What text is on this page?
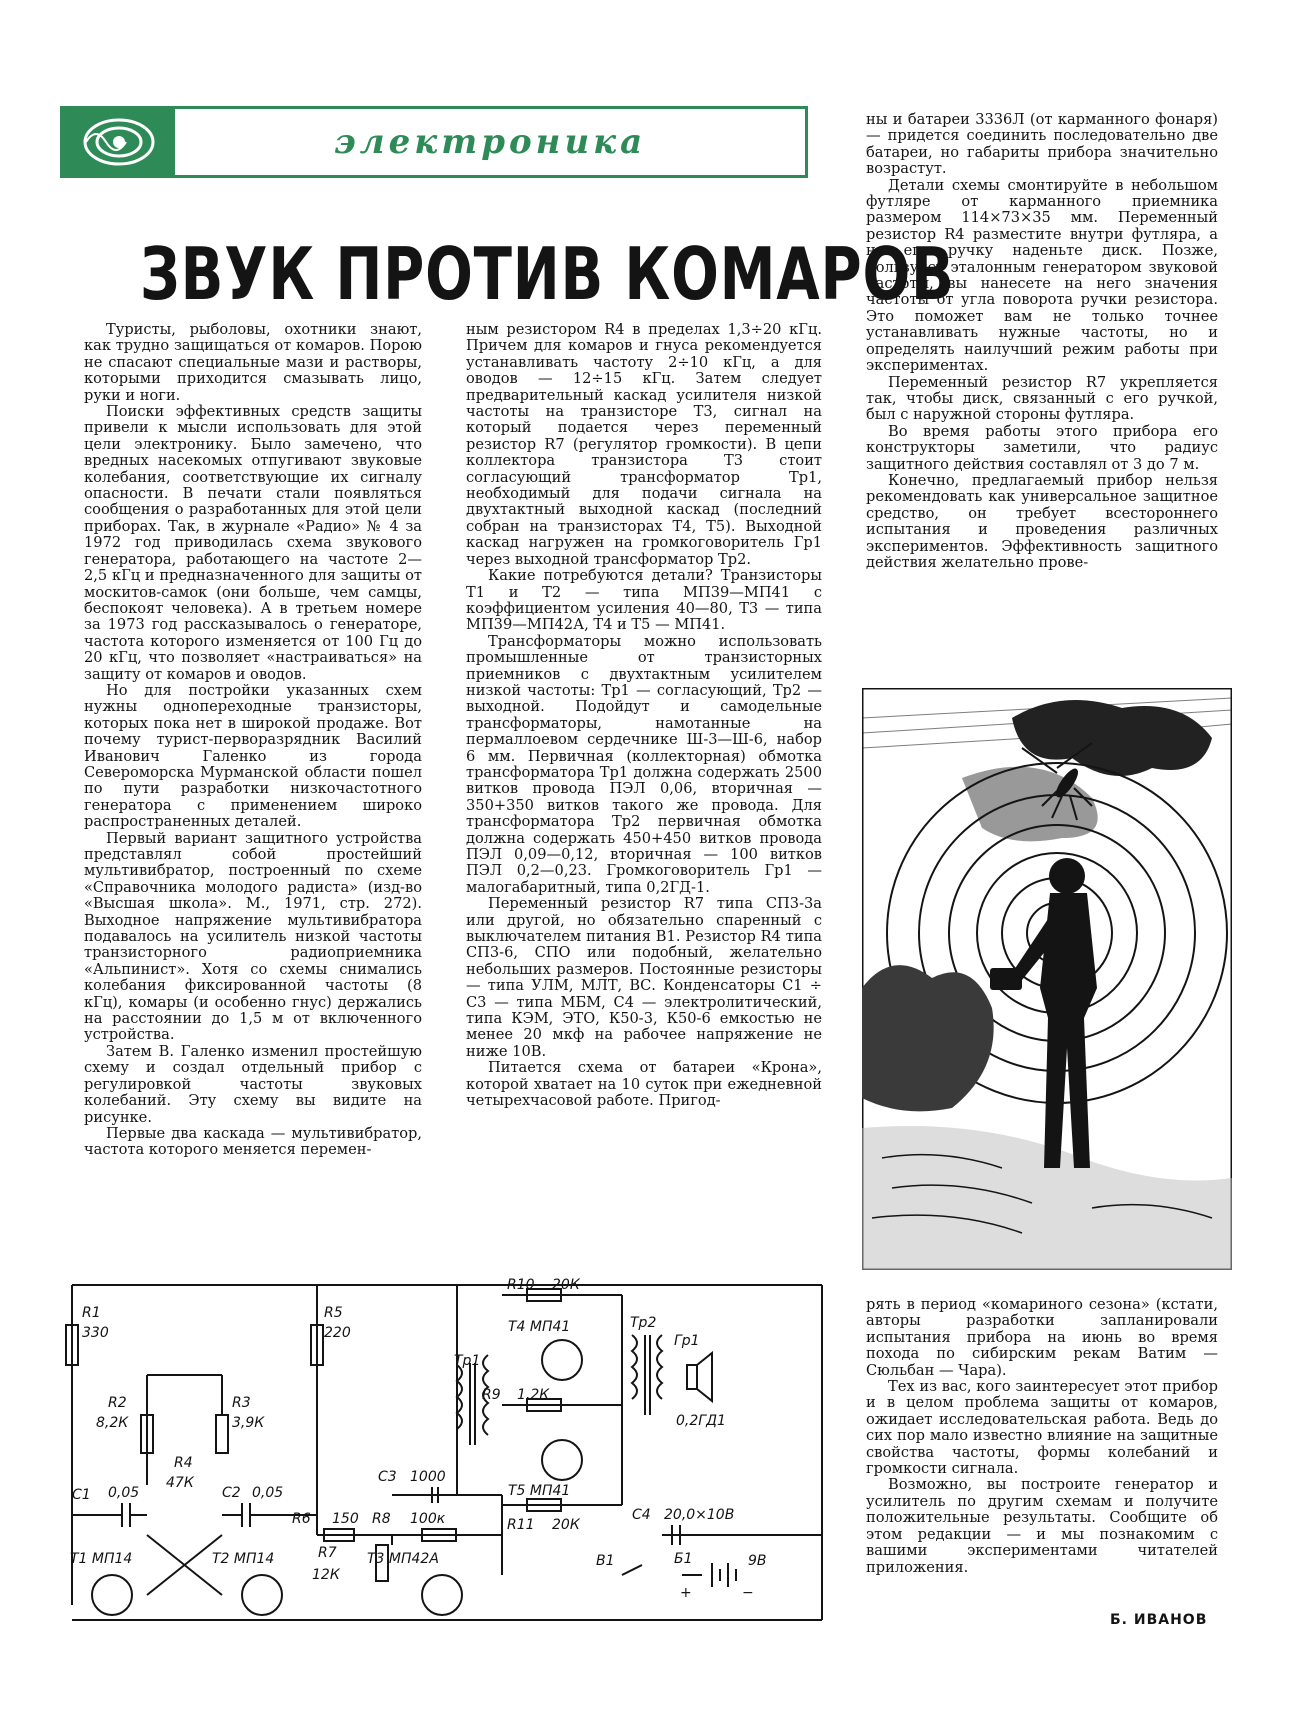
электроника
ЗВУК ПРОТИВ КОМАРОВ

Туристы, рыболовы, охотники знают, как трудно защищаться от комаров. Порою не спасают специальные мази и растворы, которыми приходится смазывать лицо, руки и ноги.

Поиски эффективных средств защиты привели к мысли использовать для этой цели электронику. Было замечено, что вредных насекомых отпугивают звуковые колебания, соответствующие их сигналу опасности. В печати стали появляться сообщения о разработанных для этой цели приборах. Так, в журнале «Радио» № 4 за 1972 год приводилась схема звукового генератора, работающего на частоте 2—2,5 кГц и предназначенного для защиты от москитов-самок (они больше, чем самцы, беспокоят человека). А в третьем номере за 1973 год рассказывалось о генераторе, частота которого изменяется от 100 Гц до 20 кГц, что позволяет «настраиваться» на защиту от комаров и оводов.

Но для постройки указанных схем нужны однопереходные транзисторы, которых пока нет в широкой продаже. Вот почему турист-перворазрядник Василий Иванович Галенко из города Североморска Мурманской области пошел по пути разработки низкочастотного генератора с применением широко распространенных деталей.

Первый вариант защитного устройства представлял собой простейший мультивибратор, построенный по схеме «Справочника молодого радиста» (изд-во «Высшая школа». М., 1971, стр. 272). Выходное напряжение мультивибратора подавалось на усилитель низкой частоты транзисторного радиоприемника «Альпинист». Хотя со схемы снимались колебания фиксированной частоты (8 кГц), комары (и особенно гнус) держались на расстоянии до 1,5 м от включенного устройства.

Затем В. Галенко изменил простейшую схему и создал отдельный прибор с регулировкой частоты звуковых колебаний. Эту схему вы видите на рисунке.

Первые два каскада — мультивибратор, частота которого меняется перемен-

ным резистором R4 в пределах 1,3÷20 кГц. Причем для комаров и гнуса рекомендуется устанавливать частоту 2÷10 кГц, а для оводов — 12÷15 кГц. Затем следует предварительный каскад усилителя низкой частоты на транзисторе Т3, сигнал на который подается через переменный резистор R7 (регулятор громкости). В цепи коллектора транзистора Т3 стоит согласующий трансформатор Тр1, необходимый для подачи сигнала на двухтактный выходной каскад (последний собран на транзисторах Т4, Т5). Выходной каскад нагружен на громкоговоритель Гр1 через выходной трансформатор Тр2.

Какие потребуются детали? Транзисторы Т1 и Т2 — типа МП39—МП41 с коэффициентом усиления 40—80, Т3 — типа МП39—МП42А, Т4 и Т5 — МП41.

Трансформаторы можно использовать промышленные от транзисторных приемников с двухтактным усилителем низкой частоты: Тр1 — согласующий, Тр2 — выходной. Подойдут и самодельные трансформаторы, намотанные на пермаллоевом сердечнике Ш-3—Ш-6, набор 6 мм. Первичная (коллекторная) обмотка трансформатора Тр1 должна содержать 2500 витков провода ПЭЛ 0,06, вторичная — 350+350 витков такого же провода. Для трансформатора Тр2 первичная обмотка должна содержать 450+450 витков провода ПЭЛ 0,09—0,12, вторичная — 100 витков ПЭЛ 0,2—0,23. Громкоговоритель Гр1 — малогабаритный, типа 0,2ГД-1.

Переменный резистор R7 типа СП3-3а или другой, но обязательно спаренный с выключателем питания В1. Резистор R4 типа СП3-6, СПО или подобный, желательно небольших размеров. Постоянные резисторы — типа УЛМ, МЛТ, ВС. Конденсаторы С1 ÷ С3 — типа МБМ, С4 — электролитический, типа КЭМ, ЭТО, К50-3, К50-6 емкостью не менее 20 мкф на рабочее напряжение не ниже 10В.

Питается схема от батареи «Крона», которой хватает на 10 суток при ежедневной четырехчасовой работе. Пригод-

ны и батареи 3336Л (от карманного фонаря) — придется соединить последовательно две батареи, но габариты прибора значительно возрастут.

Детали схемы смонтируйте в небольшом футляре от карманного приемника размером 114×73×35 мм. Переменный резистор R4 разместите внутри футляра, а на его ручку наденьте диск. Позже, пользуясь эталонным генератором звуковой частоты, вы нанесете на него значения частоты от угла поворота ручки резистора. Это поможет вам не только точнее устанавливать нужные частоты, но и определять наилучший режим работы при экспериментах.

Переменный резистор R7 укрепляется так, чтобы диск, связанный с его ручкой, был с наружной стороны футляра.

Во время работы этого прибора его конструкторы заметили, что радиус защитного действия составлял от 3 до 7 м.

Конечно, предлагаемый прибор нельзя рекомендовать как универсальное защитное средство, он требует всестороннего испытания и проведения различных экспериментов. Эффективность защитного действия желательно прове-

рять в период «комариного сезона» (кстати, авторы разработки запланировали испытания прибора на июнь во время похода по сибирским рекам Ватим — Сюльбан — Чара).

Тех из вас, кого заинтересует этот прибор и в целом проблема защиты от комаров, ожидает исследовательская работа. Ведь до сих пор мало известно влияние на защитные свойства частоты, формы колебаний и громкости сигнала.

Возможно, вы построите генератор и усилитель по другим схемам и получите положительные результаты. Сообщите об этом редакции — и мы познакомим с вашими экспериментами читателей приложения.

Б. ИВАНОВ
R1
330
R5
220
R2
8,2К
R3
3,9К
R4
47К
С1 0,05	С2 0,05
Т1 МП14	Т2 МП14
R6 150
R7
12К
С3 1000
R8 100к
Т3 МП42А
Тр1
R10 20К
Т4 МП41
R9 1,2К
Т5 МП41
R11 20К
Тр2
Гр1
0,2ГД1
С4 20,0×10В
В1	Б1	9В
+	−
